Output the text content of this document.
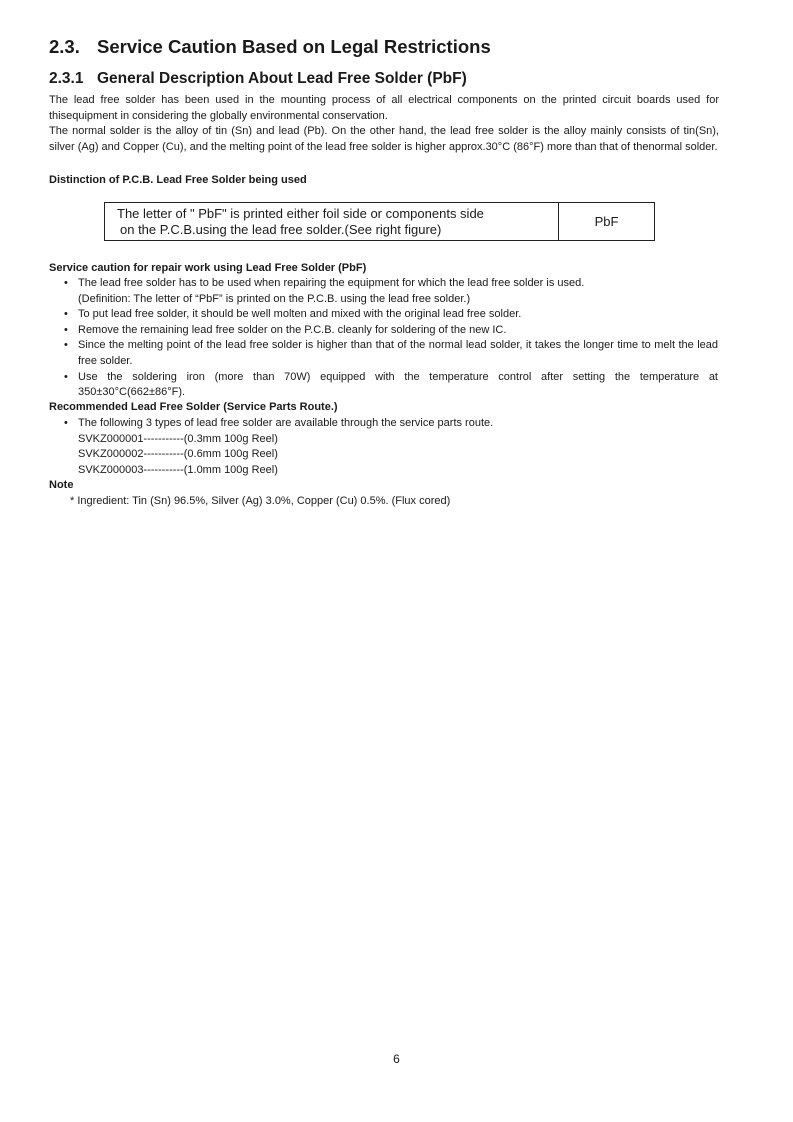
2.3. Service Caution Based on Legal Restrictions
2.3.1 General Description About Lead Free Solder (PbF)
The lead free solder has been used in the mounting process of all electrical components on the printed circuit boards used for thisequipment in considering the globally environmental conservation.
The normal solder is the alloy of tin (Sn) and lead (Pb). On the other hand, the lead free solder is the alloy mainly consists of tin(Sn), silver (Ag) and Copper (Cu), and the melting point of the lead free solder is higher approx.30°C (86°F) more than that of thenormal solder.
Distinction of P.C.B. Lead Free Solder being used
The letter of " PbF" is printed either foil side or components side
on the P.C.B.using the lead free solder.(See right figure)
PbF
Service caution for repair work using Lead Free Solder (PbF)
• The lead free solder has to be used when repairing the equipment for which the lead free solder is used.
(Definition: The letter of “PbF” is printed on the P.C.B. using the lead free solder.)
• To put lead free solder, it should be well molten and mixed with the original lead free solder.
• Remove the remaining lead free solder on the P.C.B. cleanly for soldering of the new IC.
• Since the melting point of the lead free solder is higher than that of the normal lead solder, it takes the longer time to melt the lead free solder.
• Use the soldering iron (more than 70W) equipped with the temperature control after setting the temperature at 350±30°C(662±86°F).
Recommended Lead Free Solder (Service Parts Route.)
• The following 3 types of lead free solder are available through the service parts route.
SVKZ000001-----------(0.3mm 100g Reel)
SVKZ000002-----------(0.6mm 100g Reel)
SVKZ000003-----------(1.0mm 100g Reel)
Note
* Ingredient: Tin (Sn) 96.5%, Silver (Ag) 3.0%, Copper (Cu) 0.5%. (Flux cored)
6
